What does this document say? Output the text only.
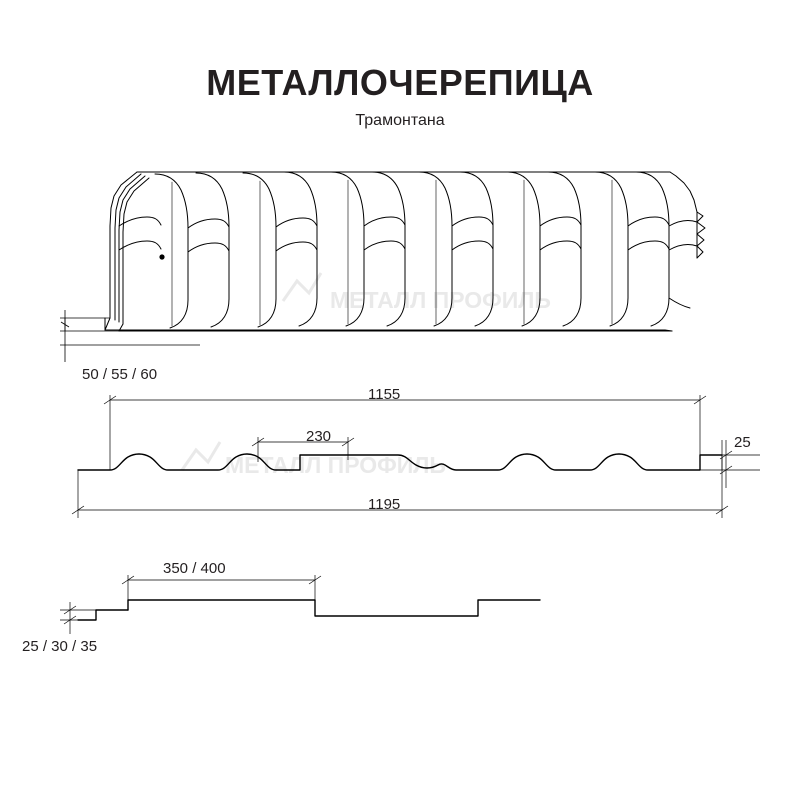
МЕТАЛЛ ПРОФИЛЬ
МЕТАЛЛ ПРОФИЛЬ
МЕТАЛЛОЧЕРЕПИЦА
Трамонтана
50 / 55 / 60
1155
230	25
1195
350 / 400
25 / 30 / 35
